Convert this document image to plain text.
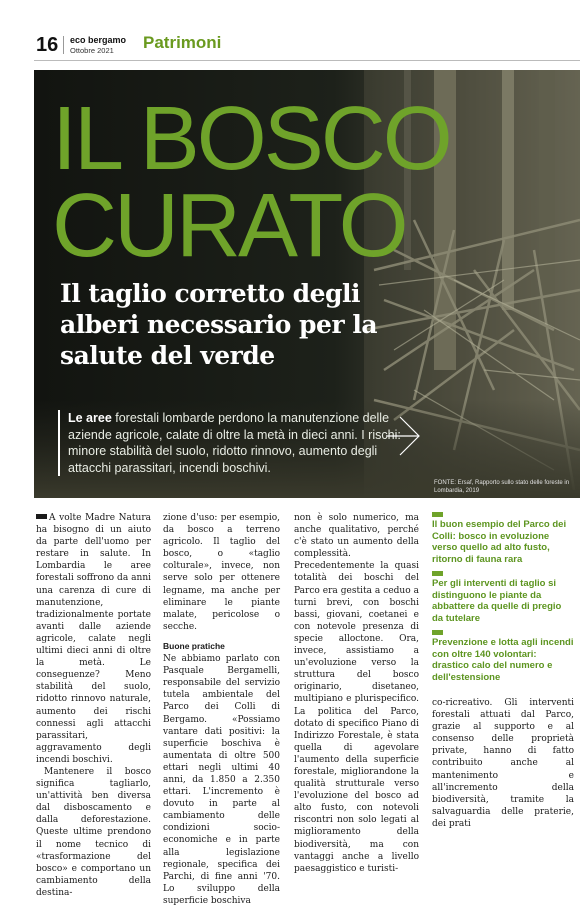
16 eco bergamo
Ottobre 2021 Patrimoni
IL BOSCO
CURATO
Il taglio corretto degli alberi necessario per la salute del verde
Le aree forestali lombarde perdono la manutenzione delle aziende agricole, calate di oltre la metà in dieci anni. I rischi: minore stabilità del suolo, ridotto rinnovo, aumento degli attacchi parassitari, incendi boschivi.
FONTE: Ersaf, Rapporto sullo stato delle foreste in Lombardia, 2019

A volte Madre Natura ha bisogno di un aiuto da parte dell'uomo per restare in salute. In Lombardia le aree forestali soffrono da anni una carenza di cure di manutenzione, tradizionalmente portate avanti dalle aziende agricole, calate negli ultimi dieci anni di oltre la metà. Le conseguenze? Meno stabilità del suolo, ridotto rinnovo naturale, aumento dei rischi connessi agli attacchi parassitari, aggravamento degli incendi boschivi.

Mantenere il bosco significa tagliarlo, un'attività ben diversa dal disboscamento e dalla deforestazione. Queste ultime prendono il nome tecnico di «trasformazione del bosco» e comportano un cambiamento della destina-

zione d'uso: per esempio, da bosco a terreno agricolo. Il taglio del bosco, o «taglio colturale», invece, non serve solo per ottenere legname, ma anche per eliminare le piante malate, pericolose o secche.

Buone pratiche

Ne abbiamo parlato con Pasquale Bergamelli, responsabile del servizio tutela ambientale del Parco dei Colli di Bergamo. «Possiamo vantare dati positivi: la superficie boschiva è aumentata di oltre 500 ettari negli ultimi 40 anni, da 1.850 a 2.350 ettari. L'incremento è dovuto in parte al cambiamento delle condizioni socio-economiche e in parte alla legislazione regionale, specifica dei Parchi, di fine anni '70. Lo sviluppo della superficie boschiva

non è solo numerico, ma anche qualitativo, perché c'è stato un aumento della complessità. Precedentemente la quasi totalità dei boschi del Parco era gestita a ceduo a turni brevi, con boschi bassi, giovani, coetanei e con notevole presenza di specie alloctone. Ora, invece, assistiamo a un'evoluzione verso la struttura del bosco originario, disetaneo, multipiano e plurispecifico. La politica del Parco, dotato di specifico Piano di Indirizzo Forestale, è stata quella di agevolare l'aumento della superficie forestale, migliorandone la qualità strutturale verso l'evoluzione del bosco ad alto fusto, con notevoli riscontri non solo legati al miglioramento della biodiversità, ma con vantaggi anche a livello paesaggistico e turisti-

Il buon esempio del Parco dei Colli: bosco in evoluzione verso quello ad alto fusto, ritorno di fauna rara
Per gli interventi di taglio si distinguono le piante da abbattere da quelle di pregio da tutelare
Prevenzione e lotta agli incendi con oltre 140 volontari: drastico calo del numero e dell'estensione

co-ricreativo. Gli interventi forestali attuati dal Parco, grazie al supporto e al consenso delle proprietà private, hanno di fatto contribuito anche al mantenimento e all'incremento della biodiversità, tramite la salvaguardia delle praterie, dei prati
